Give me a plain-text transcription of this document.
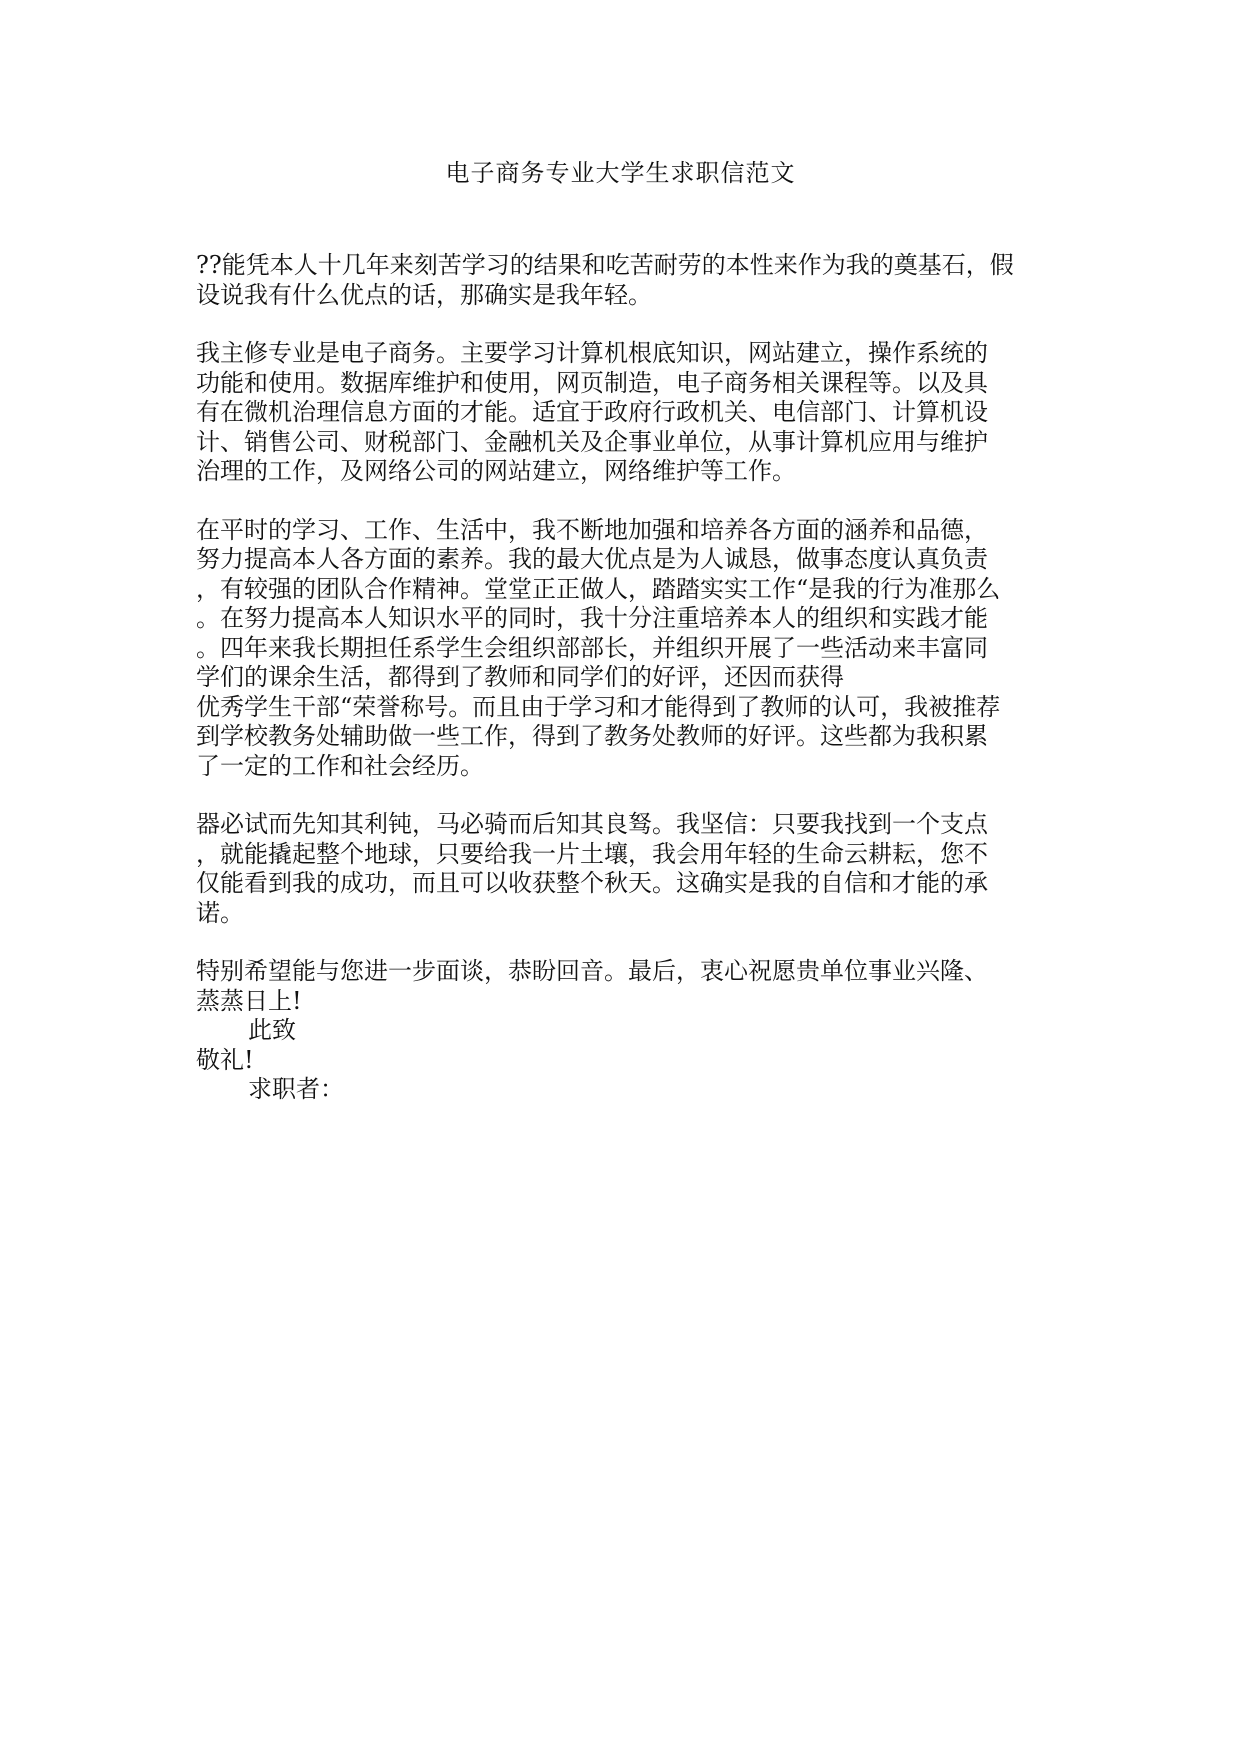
电子商务专业大学生求职信范文
??能凭本人十几年来刻苦学习的结果和吃苦耐劳的本性来作为我的奠基石，假
设说我有什么优点的话，那确实是我年轻。
我主修专业是电子商务。主要学习计算机根底知识，网站建立，操作系统的
功能和使用。数据库维护和使用，网页制造，电子商务相关课程等。以及具
有在微机治理信息方面的才能。适宜于政府行政机关、电信部门、计算机设
计、销售公司、财税部门、金融机关及企事业单位，从事计算机应用与维护
治理的工作，及网络公司的网站建立，网络维护等工作。
在平时的学习、工作、生活中，我不断地加强和培养各方面的涵养和品德，
努力提高本人各方面的素养。我的最大优点是为人诚恳，做事态度认真负责
，有较强的团队合作精神。堂堂正正做人，踏踏实实工作“是我的行为准那么
。在努力提高本人知识水平的同时，我十分注重培养本人的组织和实践才能
。四年来我长期担任系学生会组织部部长，并组织开展了一些活动来丰富同
学们的课余生活，都得到了教师和同学们的好评，还因而获得
优秀学生干部“荣誉称号。而且由于学习和才能得到了教师的认可，我被推荐
到学校教务处辅助做一些工作，得到了教务处教师的好评。这些都为我积累
了一定的工作和社会经历。
器必试而先知其利钝，马必骑而后知其良驽。我坚信：只要我找到一个支点
，就能撬起整个地球，只要给我一片土壤，我会用年轻的生命云耕耘，您不
仅能看到我的成功，而且可以收获整个秋天。这确实是我的自信和才能的承
诺。
特别希望能与您进一步面谈，恭盼回音。最后，衷心祝愿贵单位事业兴隆、
蒸蒸日上!
此致
敬礼!
求职者：
